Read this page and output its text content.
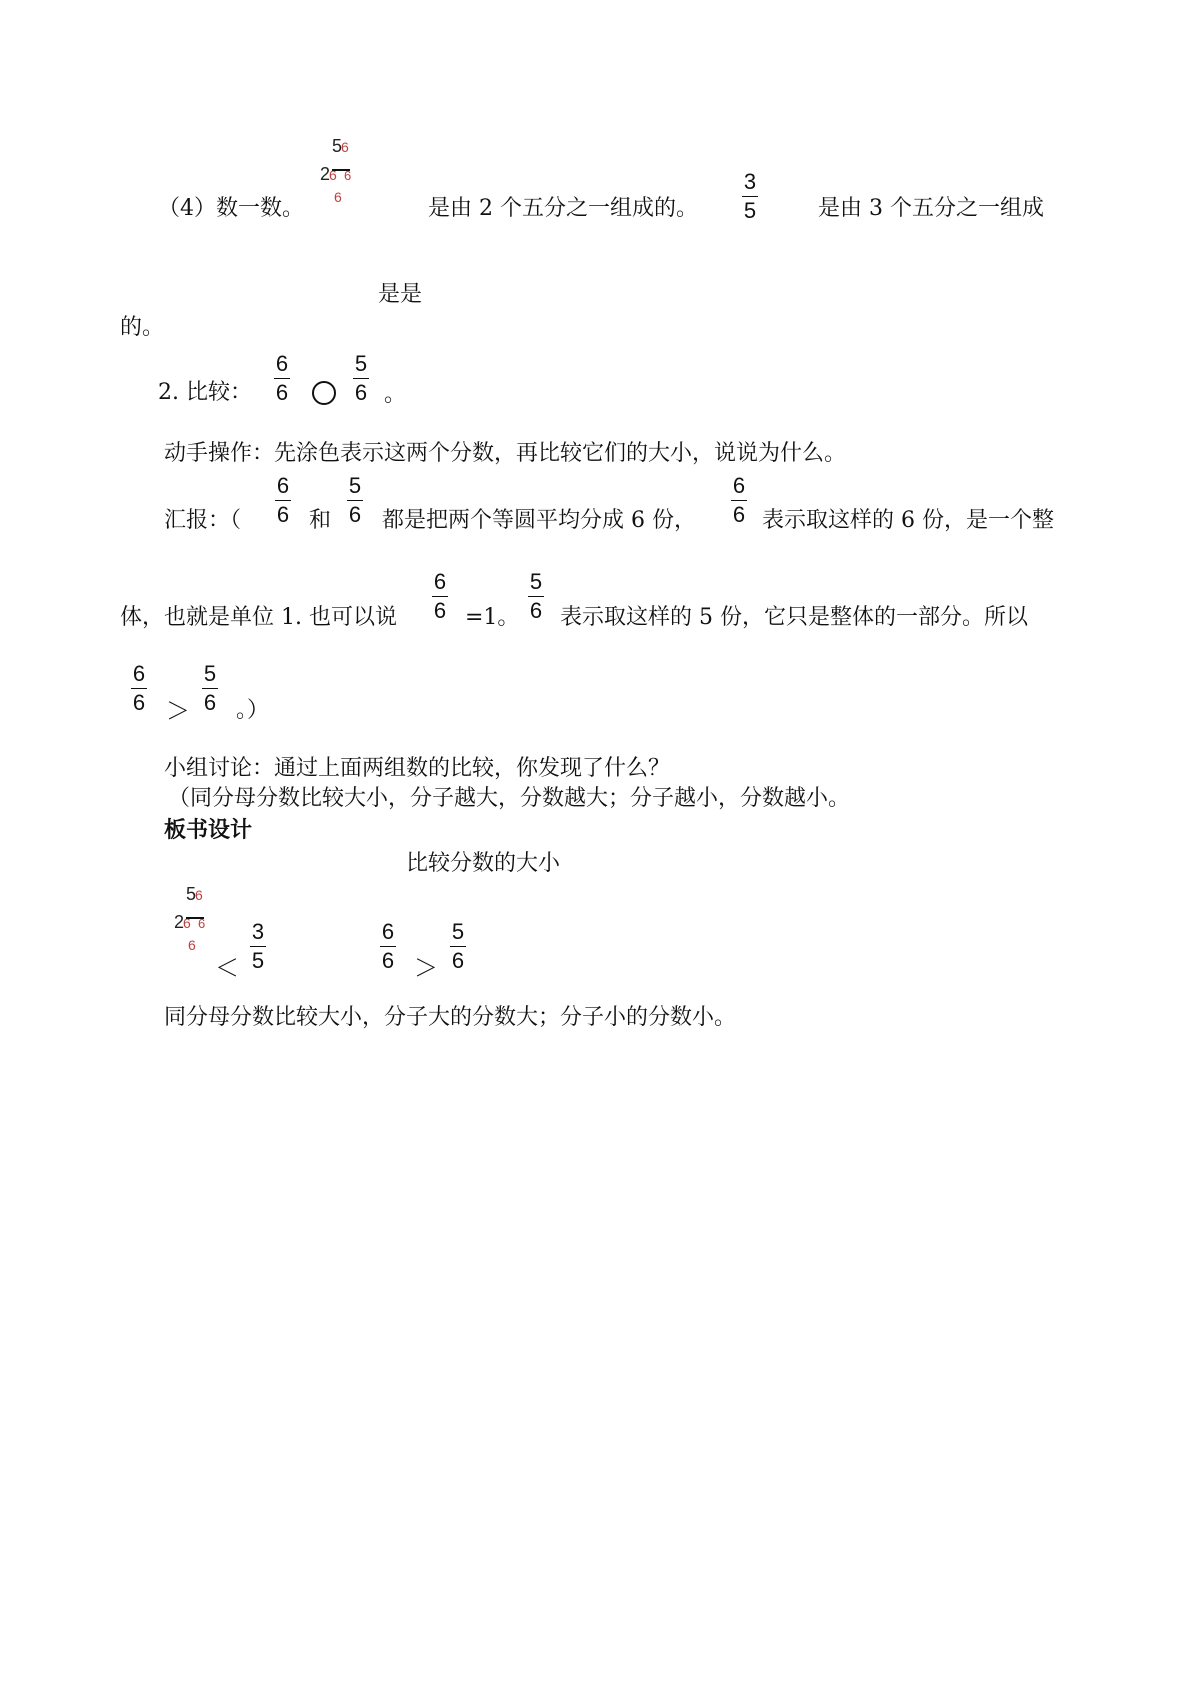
5
6
2
6 6
6
（4）数一数。	是由 2 个五分之一组成的。
3
5	是由 3 个五分之一组成
是是
的。
2. 比较：
6
6
5
6 。
动手操作：先涂色表示这两个分数，再比较它们的大小，说说为什么。
汇报：（
6
6 和
5
6 都是把两个等圆平均分成 6 份，
6
6 表示取这样的 6 份，是一个整
体，也就是单位 1. 也可以说
6
6 =1。
5
6 表示取这样的 5 份，它只是整体的一部分。所以
6
6 ＞
5
6 。）
小组讨论：通过上面两组数的比较，你发现了什么？
（同分母分数比较大小，分子越大，分数越大；分子越小，分数越小。
板书设计
比较分数的大小
5
6
2
6 6
6
＜
3
5
6
6 ＞
5
6
同分母分数比较大小，分子大的分数大；分子小的分数小。
